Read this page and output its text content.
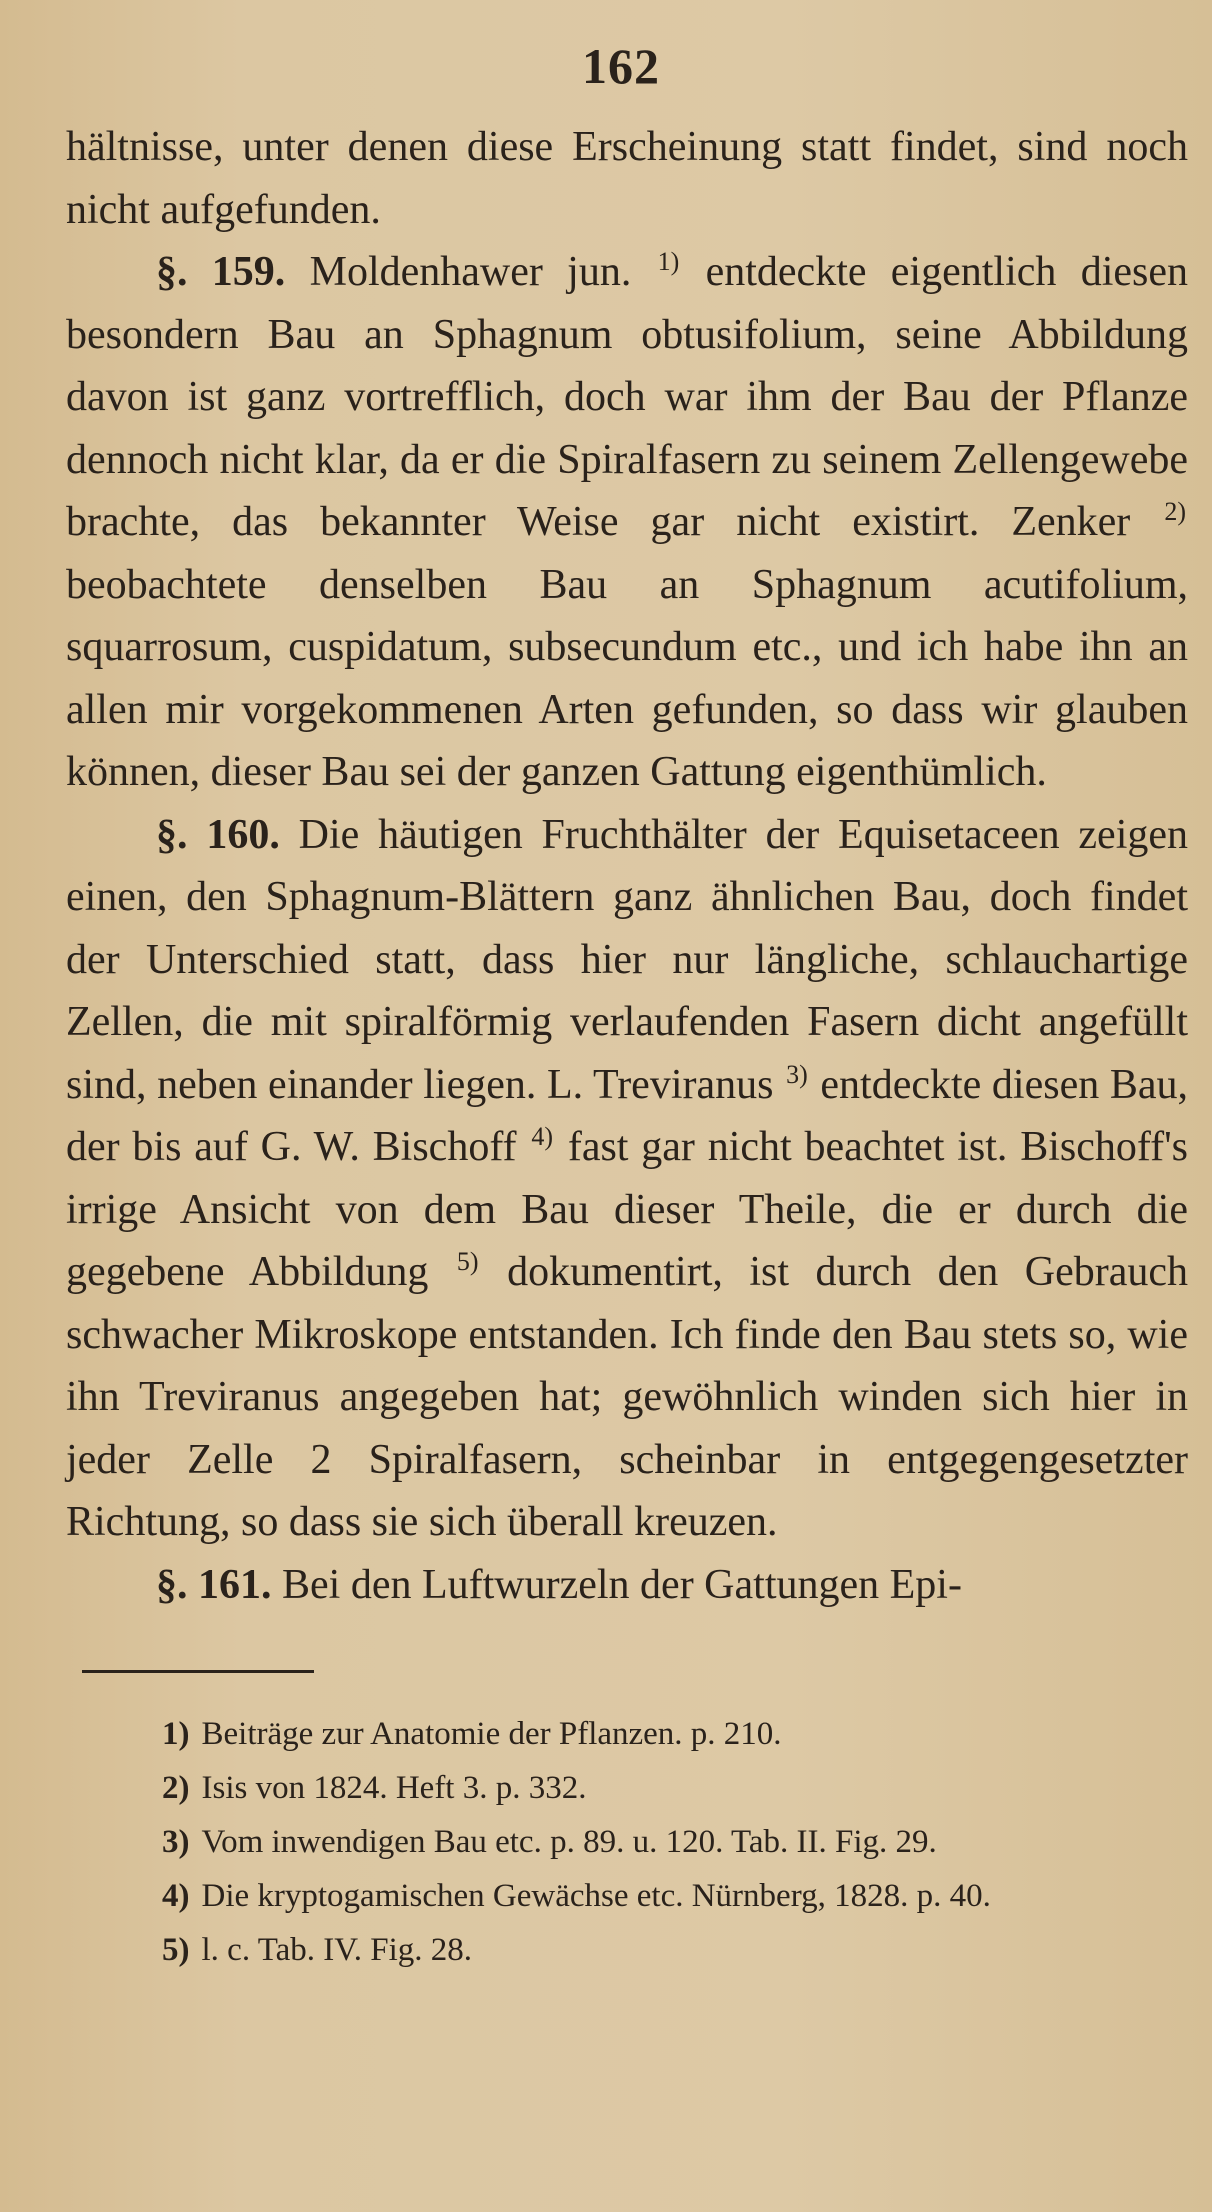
162

hältnisse, unter denen diese Erscheinung statt findet, sind noch nicht aufgefunden.

§. 159. Moldenhawer jun. $^{1)}$ entdeckte eigentlich diesen besondern Bau an Sphagnum obtusifolium, seine Abbildung davon ist ganz vortrefflich, doch war ihm der Bau der Pflanze dennoch nicht klar, da er die Spiralfasern zu seinem Zellengewebe brachte, das bekannter Weise gar nicht existirt. Zenker $^{2)}$ beobachtete denselben Bau an Sphagnum acutifolium, squarrosum, cuspidatum, subsecundum etc., und ich habe ihn an allen mir vorgekommenen Arten gefunden, so dass wir glauben können, dieser Bau sei der ganzen Gattung eigenthümlich.

§. 160. Die häutigen Fruchthälter der Equisetaceen zeigen einen, den Sphagnum-Blättern ganz ähnlichen Bau, doch findet der Unterschied statt, dass hier nur längliche, schlauchartige Zellen, die mit spiralförmig verlaufenden Fasern dicht angefüllt sind, neben einander liegen. L. Treviranus $^{3)}$ entdeckte diesen Bau, der bis auf G. W. Bischoff $^{4)}$ fast gar nicht beachtet ist. Bischoff's irrige Ansicht von dem Bau dieser Theile, die er durch die gegebene Abbildung $^{5)}$ dokumentirt, ist durch den Gebrauch schwacher Mikroskope entstanden. Ich finde den Bau stets so, wie ihn Treviranus angegeben hat; gewöhnlich winden sich hier in jeder Zelle 2 Spiralfasern, scheinbar in entgegengesetzter Richtung, so dass sie sich überall kreuzen.

§. 161. Bei den Luftwurzeln der Gattungen Epi-

1) Beiträge zur Anatomie der Pflanzen. p. 210.
2) Isis von 1824. Heft 3. p. 332.
3) Vom inwendigen Bau etc. p. 89. u. 120. Tab. II. Fig. 29.
4) Die kryptogamischen Gewächse etc. Nürnberg, 1828. p. 40.
5) l. c. Tab. IV. Fig. 28.
